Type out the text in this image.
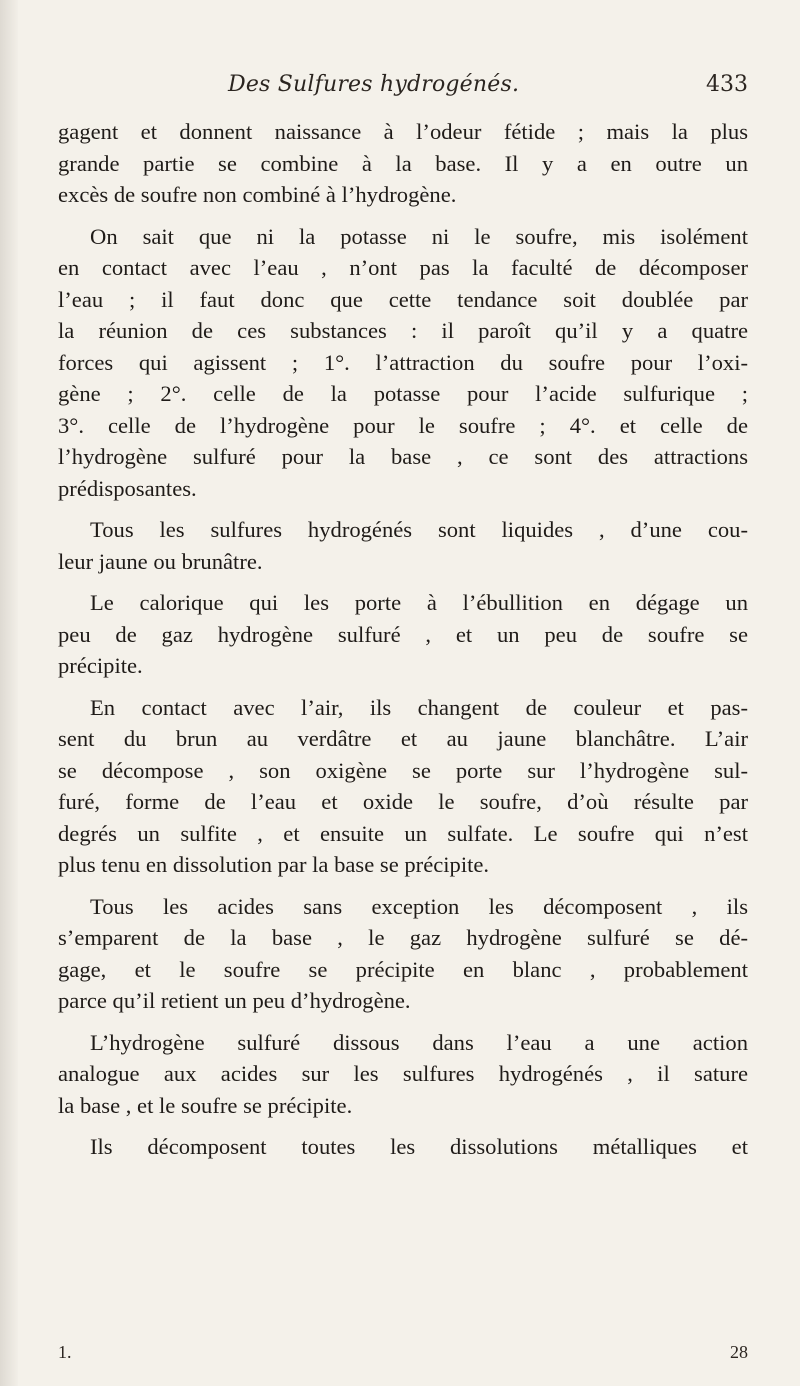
Des Sulfures hydrogénés.	433
gagent et donnent naissance à l’odeur fétide ; mais la plus
grande partie se combine à la base. Il y a en outre un
excès de soufre non combiné à l’hydrogène.
On sait que ni la potasse ni le soufre, mis isolément
en contact avec l’eau , n’ont pas la faculté de décomposer
l’eau ; il faut donc que cette tendance soit doublée par
la réunion de ces substances : il paroît qu’il y a quatre
forces qui agissent ; 1°. l’attraction du soufre pour l’oxi-
gène ; 2°. celle de la potasse pour l’acide sulfurique ;
3°. celle de l’hydrogène pour le soufre ; 4°. et celle de
l’hydrogène sulfuré pour la base , ce sont des attractions
prédisposantes.
Tous les sulfures hydrogénés sont liquides , d’une cou-
leur jaune ou brunâtre.
Le calorique qui les porte à l’ébullition en dégage un
peu de gaz hydrogène sulfuré , et un peu de soufre se
précipite.
En contact avec l’air, ils changent de couleur et pas-
sent du brun au verdâtre et au jaune blanchâtre. L’air
se décompose , son oxigène se porte sur l’hydrogène sul-
furé, forme de l’eau et oxide le soufre, d’où résulte par
degrés un sulfite , et ensuite un sulfate. Le soufre qui n’est
plus tenu en dissolution par la base se précipite.
Tous les acides sans exception les décomposent , ils
s’emparent de la base , le gaz hydrogène sulfuré se dé-
gage, et le soufre se précipite en blanc , probablement
parce qu’il retient un peu d’hydrogène.
L’hydrogène sulfuré dissous dans l’eau a une action
analogue aux acides sur les sulfures hydrogénés , il sature
la base , et le soufre se précipite.
Ils décomposent toutes les dissolutions métalliques et
1.	28
